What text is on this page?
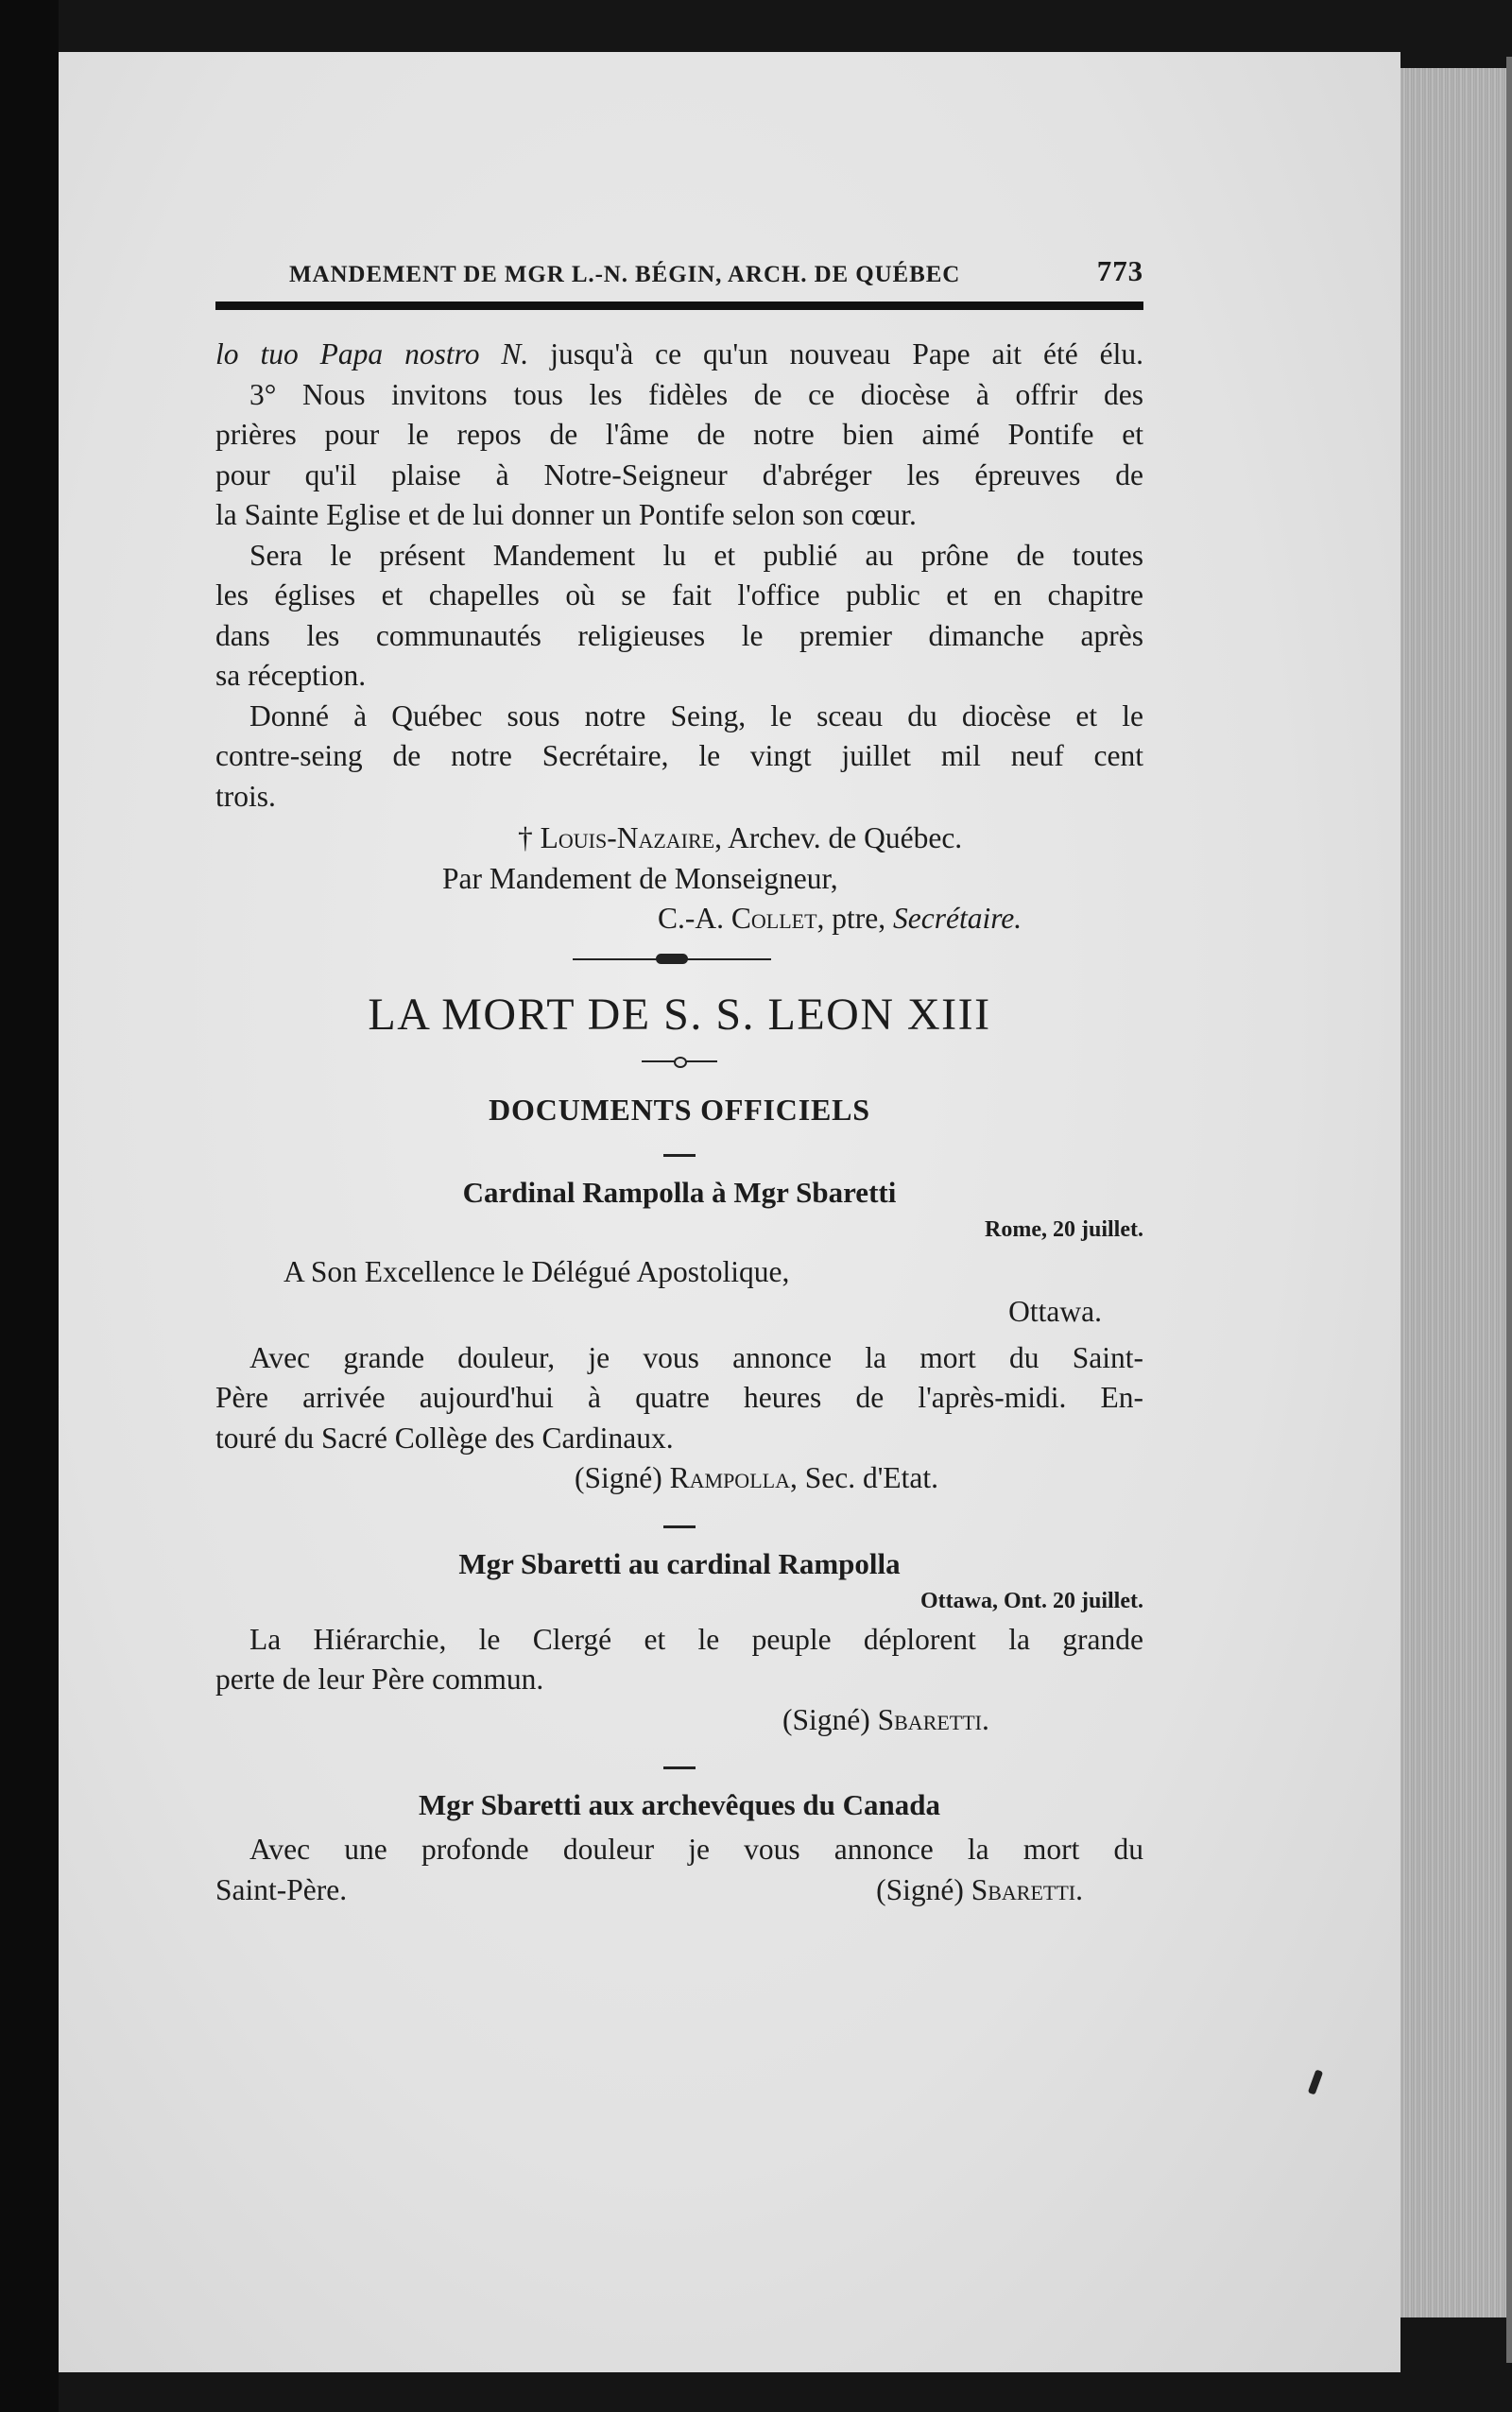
MANDEMENT DE MGR L.-N. BÉGIN, ARCH. DE QUÉBEC	773
lo tuo Papa nostro N. jusqu'à ce qu'un nouveau Pape ait été élu.
3° Nous invitons tous les fidèles de ce diocèse à offrir des
prières pour le repos de l'âme de notre bien aimé Pontife et
pour qu'il plaise à Notre-Seigneur d'abréger les épreuves de
la Sainte Eglise et de lui donner un Pontife selon son cœur.
Sera le présent Mandement lu et publié au prône de toutes
les églises et chapelles où se fait l'office public et en chapitre
dans les communautés religieuses le premier dimanche après
sa réception.
Donné à Québec sous notre Seing, le sceau du diocèse et le
contre-seing de notre Secrétaire, le vingt juillet mil neuf cent
trois.
† Louis-Nazaire, Archev. de Québec.
Par Mandement de Monseigneur,
C.-A. Collet, ptre, Secrétaire.
LA MORT DE S. S. LEON XIII
DOCUMENTS OFFICIELS
Cardinal Rampolla à Mgr Sbaretti
Rome, 20 juillet.
A Son Excellence le Délégué Apostolique,
Ottawa.
Avec grande douleur, je vous annonce la mort du Saint-
Père arrivée aujourd'hui à quatre heures de l'après-midi. En-
touré du Sacré Collège des Cardinaux.
(Signé) Rampolla, Sec. d'Etat.
Mgr Sbaretti au cardinal Rampolla
Ottawa, Ont. 20 juillet.
La Hiérarchie, le Clergé et le peuple déplorent la grande
perte de leur Père commun.
(Signé) Sbaretti.
Mgr Sbaretti aux archevêques du Canada
Avec une profonde douleur je vous annonce la mort du
Saint-Père.	(Signé) Sbaretti.
